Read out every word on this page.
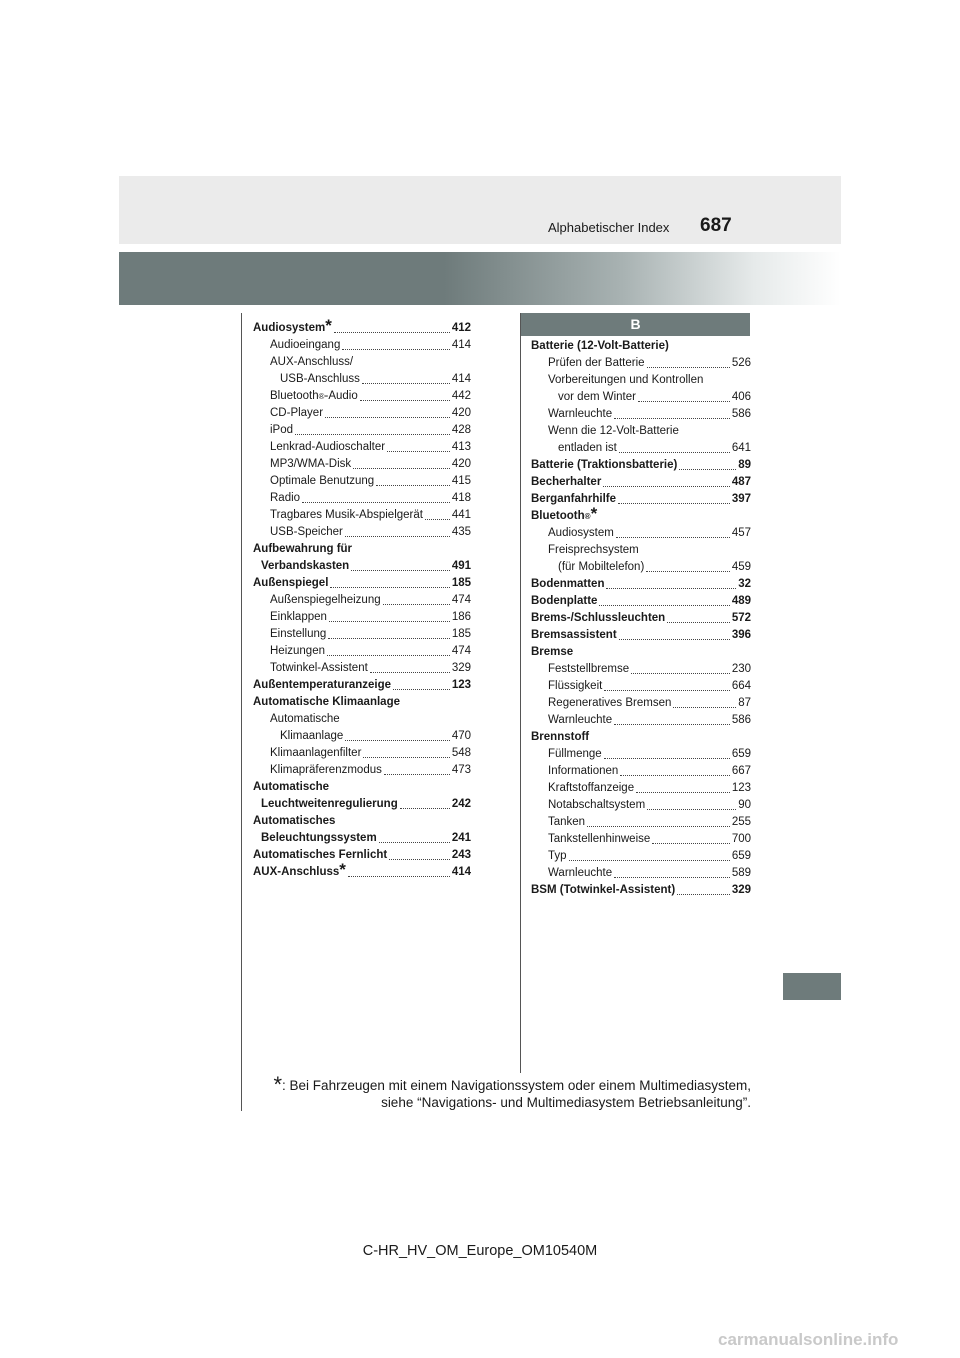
687
Alphabetischer Index
B
Audiosystem *	412
Audioeingang	414
AUX-Anschluss/
USB-Anschluss	414
Bluetooth ® -Audio	442
CD-Player	420
iPod	428
Lenkrad-Audioschalter	413
MP3/WMA-Disk	420
Optimale Benutzung	415
Radio	418
Tragbares Musik-Abspielgerät	441
USB-Speicher	435
Aufbewahrung für
Verbandskasten	491
Außenspiegel	185
Außenspiegelheizung	474
Einklappen	186
Einstellung	185
Heizungen	474
Totwinkel-Assistent	329
Außentemperaturanzeige	123
Automatische Klimaanlage
Automatische
Klimaanlage	470
Klimaanlagenfilter	548
Klimapräferenzmodus	473
Automatische
Leuchtweitenregulierung	242
Automatisches
Beleuchtungssystem	241
Automatisches Fernlicht	243
AUX-Anschluss *	414
Batterie (12-Volt-Batterie)
Prüfen der Batterie	526
Vorbereitungen und Kontrollen
vor dem Winter	406
Warnleuchte	586
Wenn die 12-Volt-Batterie
entladen ist	641
Batterie (Traktionsbatterie)	89
Becherhalter	487
Berganfahrhilfe	397
Bluetooth ® *
Audiosystem	457
Freisprechsystem
(für Mobiltelefon)	459
Bodenmatten	32
Bodenplatte	489
Brems-/Schlussleuchten	572
Bremsassistent	396
Bremse
Feststellbremse	230
Flüssigkeit	664
Regeneratives Bremsen	87
Warnleuchte	586
Brennstoff
Füllmenge	659
Informationen	667
Kraftstoffanzeige	123
Notabschaltsystem	90
Tanken	255
Tankstellenhinweise	700
Typ	659
Warnleuchte	589
BSM (Totwinkel-Assistent)	329
*: Bei Fahrzeugen mit einem Navigationssystem oder einem Multimediasystem,
siehe “Navigations- und Multimediasystem Betriebsanleitung”.
C-HR_HV_OM_Europe_OM10540M
carmanualsonline.info
